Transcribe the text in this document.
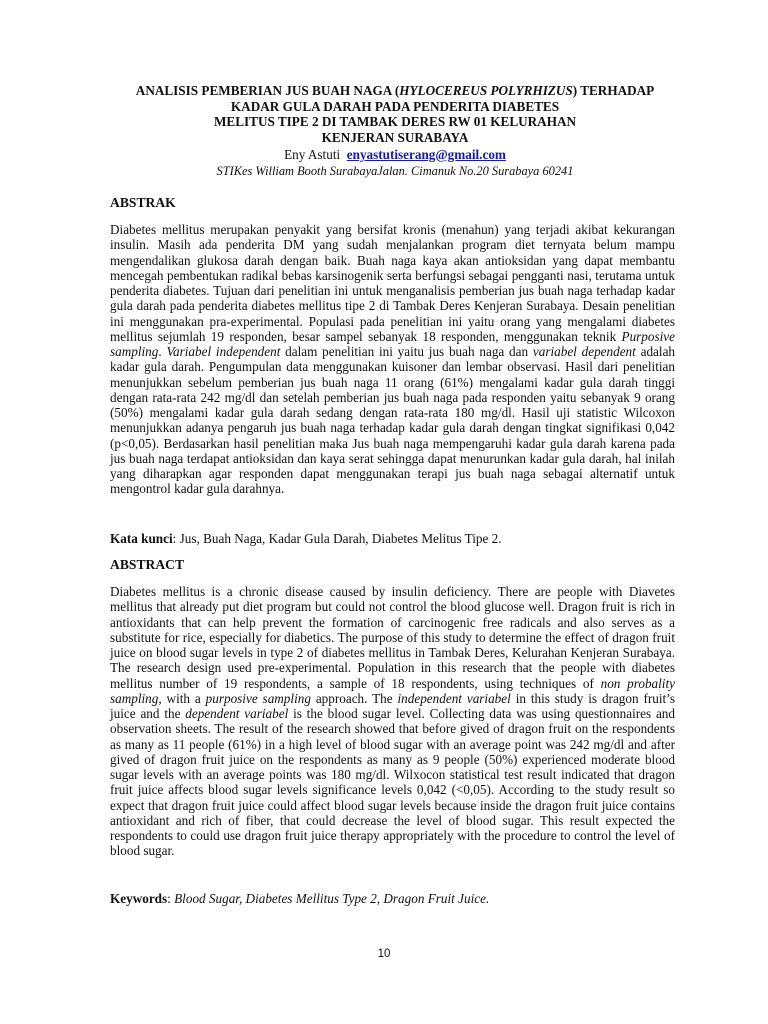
ANALISIS PEMBERIAN JUS BUAH NAGA (HYLOCEREUS POLYRHIZUS) TERHADAP
KADAR GULA DARAH PADA PENDERITA DIABETES
MELITUS TIPE 2 DI TAMBAK DERES RW 01 KELURAHAN
KENJERAN SURABAYA
Eny Astuti enyastutiserang@gmail.com
STIKes William Booth SurabayaJalan. Cimanuk No.20 Surabaya 60241
ABSTRAK

Diabetes mellitus merupakan penyakit yang bersifat kronis (menahun) yang terjadi akibat kekurangan insulin. Masih ada penderita DM yang sudah menjalankan program diet ternyata belum mampu mengendalikan glukosa darah dengan baik. Buah naga kaya akan antioksidan yang dapat membantu mencegah pembentukan radikal bebas karsinogenik serta berfungsi sebagai pengganti nasi, terutama untuk penderita diabetes. Tujuan dari penelitian ini untuk menganalisis pemberian jus buah naga terhadap kadar gula darah pada penderita diabetes mellitus tipe 2 di Tambak Deres Kenjeran Surabaya. Desain penelitian ini menggunakan pra-experimental. Populasi pada penelitian ini yaitu orang yang mengalami diabetes mellitus sejumlah 19 responden, besar sampel sebanyak 18 responden, menggunakan teknik Purposive sampling. Variabel independent dalam penelitian ini yaitu jus buah naga dan variabel dependent adalah kadar gula darah. Pengumpulan data menggunakan kuisoner dan lembar observasi. Hasil dari penelitian menunjukkan sebelum pemberian jus buah naga 11 orang (61%) mengalami kadar gula darah tinggi dengan rata-rata 242 mg/dl dan setelah pemberian jus buah naga pada responden yaitu sebanyak 9 orang (50%) mengalami kadar gula darah sedang dengan rata-rata 180 mg/dl. Hasil uji statistic Wilcoxon menunjukkan adanya pengaruh jus buah naga terhadap kadar gula darah dengan tingkat signifikasi 0,042 (p<0,05). Berdasarkan hasil penelitian maka Jus buah naga mempengaruhi kadar gula darah karena pada jus buah naga terdapat antioksidan dan kaya serat sehingga dapat menurunkan kadar gula darah, hal inilah yang diharapkan agar responden dapat menggunakan terapi jus buah naga sebagai alternatif untuk mengontrol kadar gula darahnya.

Kata kunci: Jus, Buah Naga, Kadar Gula Darah, Diabetes Melitus Tipe 2.
ABSTRACT

Diabetes mellitus is a chronic disease caused by insulin deficiency. There are people with Diavetes mellitus that already put diet program but could not control the blood glucose well. Dragon fruit is rich in antioxidants that can help prevent the formation of carcinogenic free radicals and also serves as a substitute for rice, especially for diabetics. The purpose of this study to determine the effect of dragon fruit juice on blood sugar levels in type 2 of diabetes mellitus in Tambak Deres, Kelurahan Kenjeran Surabaya. The research design used pre-experimental. Population in this research that the people with diabetes mellitus number of 19 respondents, a sample of 18 respondents, using techniques of non probality sampling, with a purposive sampling approach. The independent variabel in this study is dragon fruit’s juice and the dependent variabel is the blood sugar level. Collecting data was using questionnaires and observation sheets. The result of the research showed that before gived of dragon fruit on the respondents as many as 11 people (61%) in a high level of blood sugar with an average point was 242 mg/dl and after gived of dragon fruit juice on the respondents as many as 9 people (50%) experienced moderate blood sugar levels with an average points was 180 mg/dl. Wilxocon statistical test result indicated that dragon fruit juice affects blood sugar levels significance levels 0,042 (<0,05). According to the study result so expect that dragon fruit juice could affect blood sugar levels because inside the dragon fruit juice contains antioxidant and rich of fiber, that could decrease the level of blood sugar. This result expected the respondents to could use dragon fruit juice therapy appropriately with the procedure to control the level of blood sugar.

Keywords: Blood Sugar, Diabetes Mellitus Type 2, Dragon Fruit Juice.
10
